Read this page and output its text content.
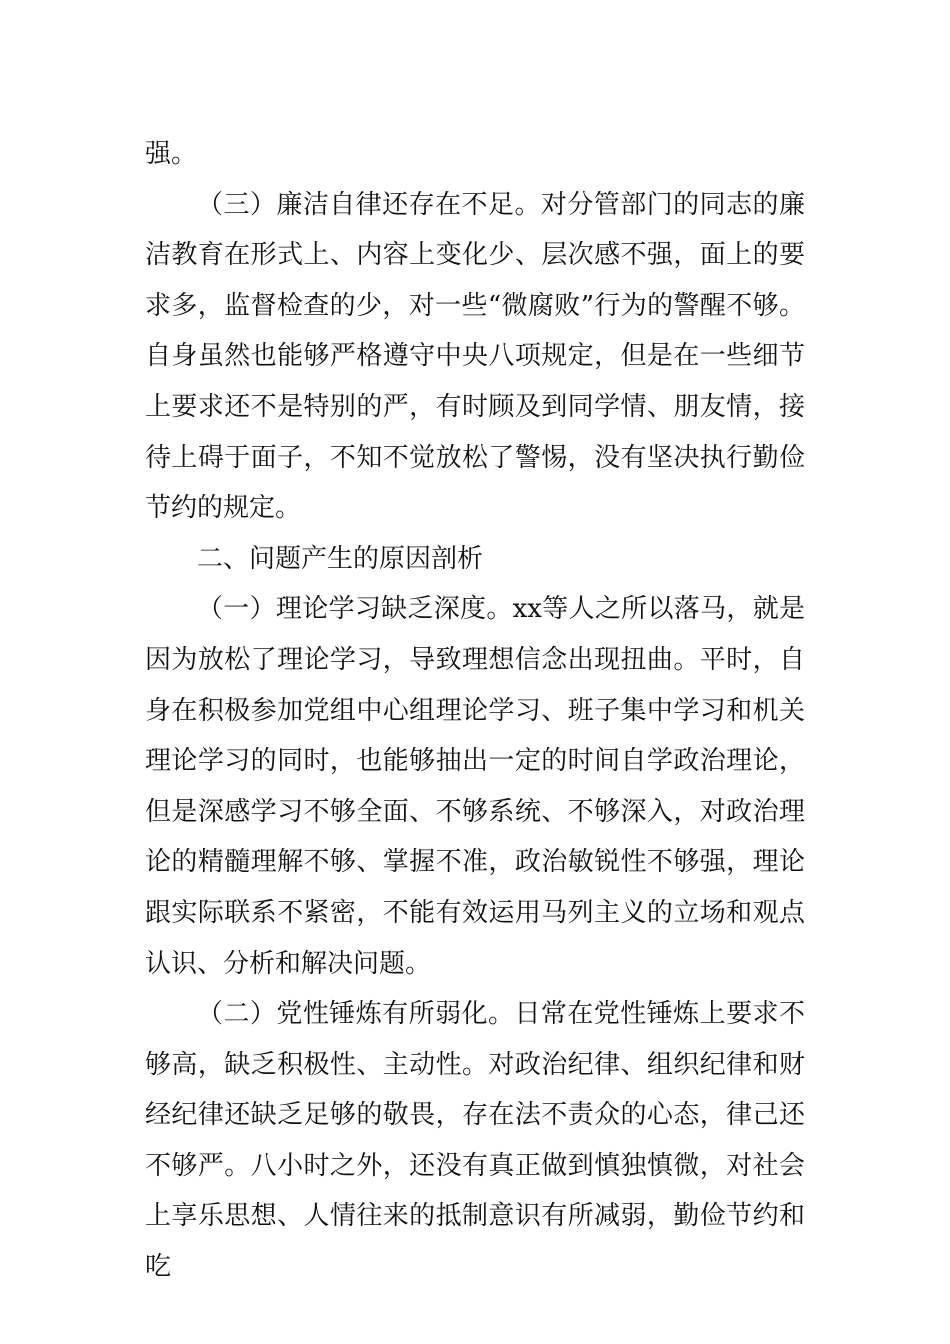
强。

（三）廉洁自律还存在不足。对分管部门的同志的廉洁教育在形式上、内容上变化少、层次感不强，面上的要求多，监督检查的少，对一些“微腐败”行为的警醒不够。自身虽然也能够严格遵守中央八项规定，但是在一些细节上要求还不是特别的严，有时顾及到同学情、朋友情，接待上碍于面子，不知不觉放松了警惕，没有坚决执行勤俭节约的规定。

二、问题产生的原因剖析

（一）理论学习缺乏深度。xx等人之所以落马，就是因为放松了理论学习，导致理想信念出现扭曲。平时，自身在积极参加党组中心组理论学习、班子集中学习和机关理论学习的同时，也能够抽出一定的时间自学政治理论，但是深感学习不够全面、不够系统、不够深入，对政治理论的精髓理解不够、掌握不准，政治敏锐性不够强，理论跟实际联系不紧密，不能有效运用马列主义的立场和观点认识、分析和解决问题。

（二）党性锤炼有所弱化。日常在党性锤炼上要求不够高，缺乏积极性、主动性。对政治纪律、组织纪律和财经纪律还缺乏足够的敬畏，存在法不责众的心态，律己还不够严。八小时之外，还没有真正做到慎独慎微，对社会上享乐思想、人情往来的抵制意识有所减弱，勤俭节约和吃
